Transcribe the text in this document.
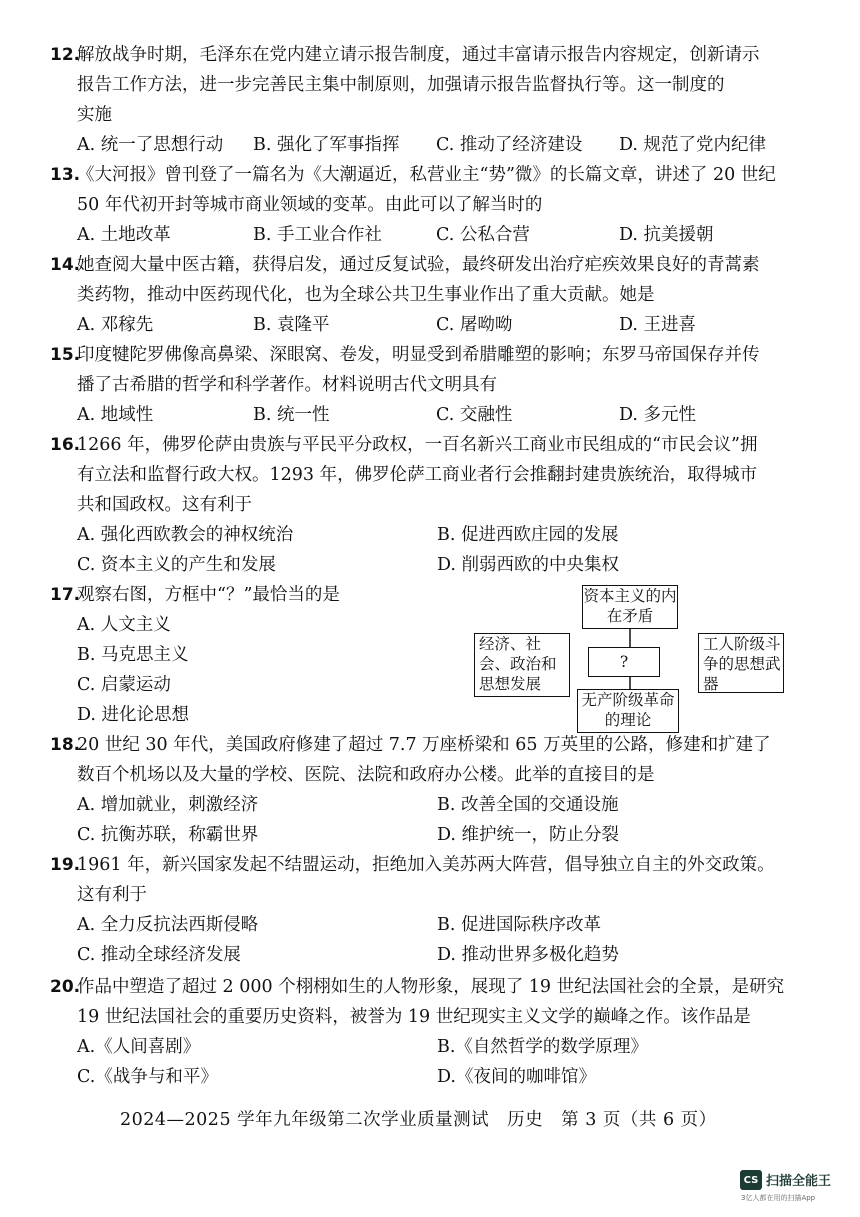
12.
解放战争时期，毛泽东在党内建立请示报告制度，通过丰富请示报告内容规定，创新请示
报告工作方法，进一步完善民主集中制原则，加强请示报告监督执行等。这一制度的
实施
A. 统一了思想行动	B. 强化了军事指挥	C. 推动了经济建设	D. 规范了党内纪律
13.
《大河报》曾刊登了一篇名为《大潮逼近，私营业主“势”微》的长篇文章，讲述了 20 世纪
50 年代初开封等城市商业领域的变革。由此可以了解当时的
A. 土地改革	B. 手工业合作社	C. 公私合营	D. 抗美援朝
14.
她查阅大量中医古籍，获得启发，通过反复试验，最终研发出治疗疟疾效果良好的青蒿素
类药物，推动中医药现代化，也为全球公共卫生事业作出了重大贡献。她是
A. 邓稼先	B. 袁隆平	C. 屠呦呦	D. 王进喜
15.
印度犍陀罗佛像高鼻梁、深眼窝、卷发，明显受到希腊雕塑的影响；东罗马帝国保存并传
播了古希腊的哲学和科学著作。材料说明古代文明具有
A. 地域性	B. 统一性	C. 交融性	D. 多元性
16.
1266 年，佛罗伦萨由贵族与平民平分政权，一百名新兴工商业市民组成的“市民会议”拥
有立法和监督行政大权。1293 年，佛罗伦萨工商业者行会推翻封建贵族统治，取得城市
共和国政权。这有利于
A. 强化西欧教会的神权统治	B. 促进西欧庄园的发展
C. 资本主义的产生和发展	D. 削弱西欧的中央集权
17.
观察右图，方框中“？”最恰当的是
A. 人文主义
B. 马克思主义
C. 启蒙运动
D. 进化论思想
资本主义的内在矛盾
经济、社会、政治和思想发展
?
工人阶级斗争的思想武器
无产阶级革命的理论
18.
20 世纪 30 年代，美国政府修建了超过 7.7 万座桥梁和 65 万英里的公路，修建和扩建了
数百个机场以及大量的学校、医院、法院和政府办公楼。此举的直接目的是
A. 增加就业，刺激经济	B. 改善全国的交通设施
C. 抗衡苏联，称霸世界	D. 维护统一，防止分裂
19.
1961 年，新兴国家发起不结盟运动，拒绝加入美苏两大阵营，倡导独立自主的外交政策。
这有利于
A. 全力反抗法西斯侵略	B. 促进国际秩序改革
C. 推动全球经济发展	D. 推动世界多极化趋势
20.
作品中塑造了超过 2 000 个栩栩如生的人物形象，展现了 19 世纪法国社会的全景，是研究
19 世纪法国社会的重要历史资料，被誉为 19 世纪现实主义文学的巅峰之作。该作品是
A.《人间喜剧》	B.《自然哲学的数学原理》
C.《战争与和平》	D.《夜间的咖啡馆》
2024—2025 学年九年级第二次学业质量测试　历史　第 3 页（共 6 页）
CS 扫描全能王
3亿人都在用的扫描App
